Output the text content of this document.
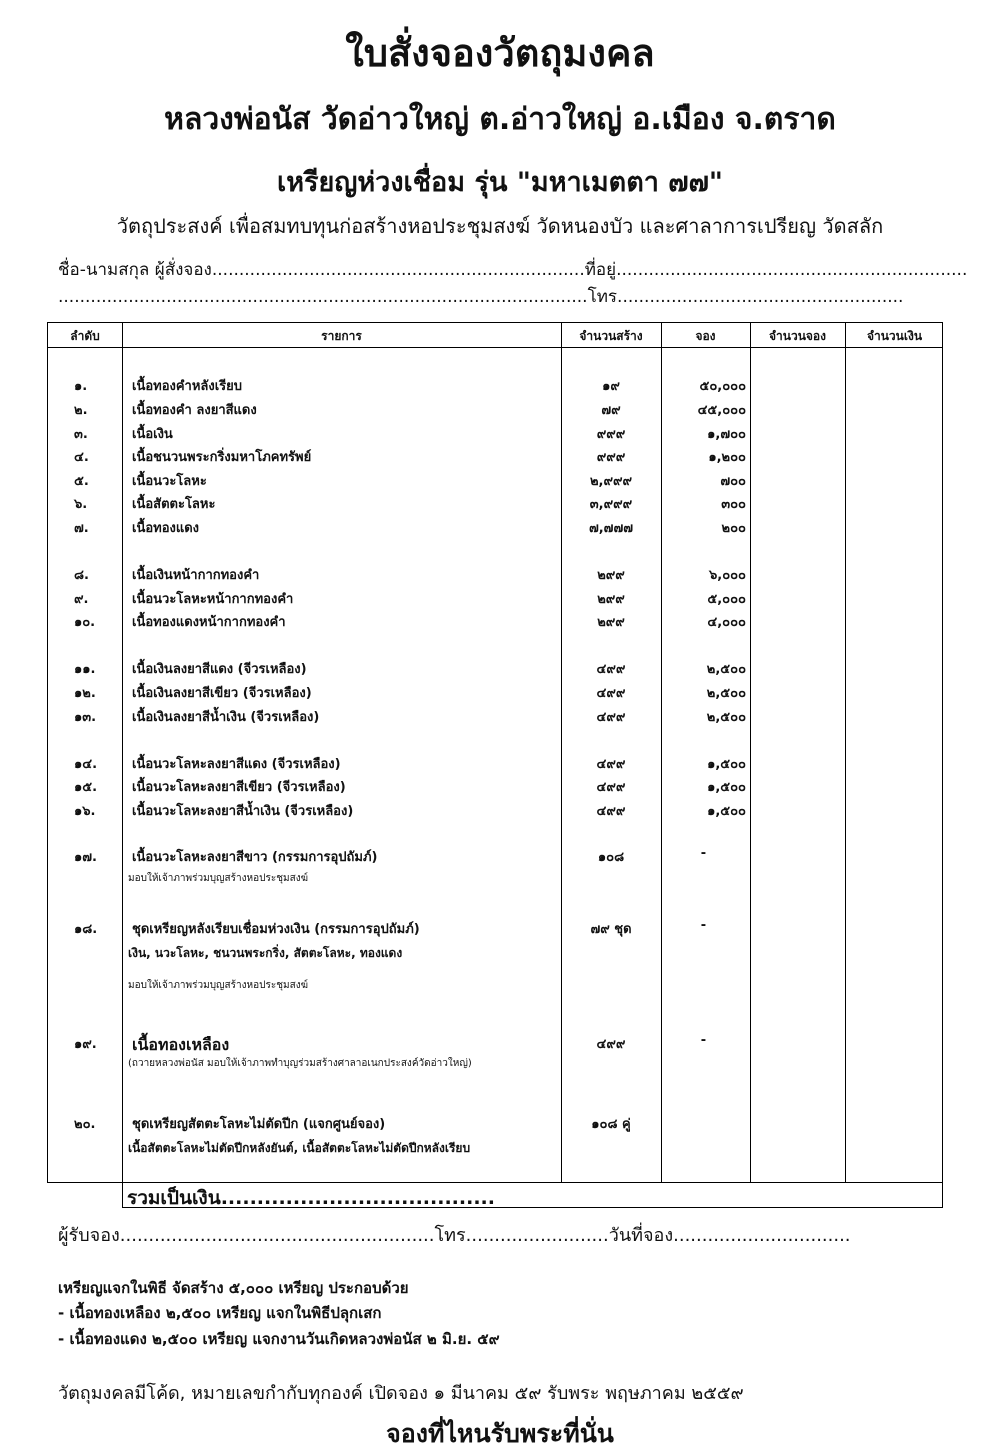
ใบสั่งจองวัตถุมงคล
หลวงพ่อนัส วัดอ่าวใหญ่ ต.อ่าวใหญ่ อ.เมือง จ.ตราด
เหรียญห่วงเชื่อม รุ่น "มหาเมตตา ๗๗"
วัตถุประสงค์ เพื่อสมทบทุนก่อสร้างหอประชุมสงฆ์ วัดหนองบัว และศาลาการเปรียญ วัดสลัก
ชื่อ-นามสกุล ผู้สั่งจอง.....................................................................ที่อยู่.................................................................
..................................................................................................โทร.....................................................
ลำดับ	รายการ	จำนวนสร้าง	จอง	จำนวนจอง	จำนวนเงิน
๑.	เนื้อทองคำหลังเรียบ	๑๙	๕๐,๐๐๐
๒.	เนื้อทองคำ ลงยาสีแดง	๗๙	๔๕,๐๐๐
๓.	เนื้อเงิน	๙๙๙	๑,๗๐๐
๔.	เนื้อชนวนพระกริ่งมหาโภคทรัพย์	๙๙๙	๑,๒๐๐
๕.	เนื้อนวะโลหะ	๒,๙๙๙	๗๐๐
๖.	เนื้อสัตตะโลหะ	๓,๙๙๙	๓๐๐
๗.	เนื้อทองแดง	๗,๗๗๗	๒๐๐
๘.	เนื้อเงินหน้ากากทองคำ	๒๙๙	๖,๐๐๐
๙.	เนื้อนวะโลหะหน้ากากทองคำ	๒๙๙	๕,๐๐๐
๑๐.	เนื้อทองแดงหน้ากากทองคำ	๒๙๙	๔,๐๐๐
๑๑.	เนื้อเงินลงยาสีแดง (จีวรเหลือง)	๔๙๙	๒,๕๐๐
๑๒.	เนื้อเงินลงยาสีเขียว (จีวรเหลือง)	๔๙๙	๒,๕๐๐
๑๓.	เนื้อเงินลงยาสีน้ำเงิน (จีวรเหลือง)	๔๙๙	๒,๕๐๐
๑๔.	เนื้อนวะโลหะลงยาสีแดง (จีวรเหลือง)	๔๙๙	๑,๕๐๐
๑๕.	เนื้อนวะโลหะลงยาสีเขียว (จีวรเหลือง)	๔๙๙	๑,๕๐๐
๑๖.	เนื้อนวะโลหะลงยาสีน้ำเงิน (จีวรเหลือง)	๔๙๙	๑,๕๐๐
๑๗.	เนื้อนวะโลหะลงยาสีขาว (กรรมการอุปถัมภ์)	๑๐๘	-
มอบให้เจ้าภาพร่วมบุญสร้างหอประชุมสงฆ์
๑๘.	ชุดเหรียญหลังเรียบเชื่อมห่วงเงิน (กรรมการอุปถัมภ์)	๗๙ ชุด	-
เงิน, นวะโลหะ, ชนวนพระกริ่ง, สัตตะโลหะ, ทองแดง
มอบให้เจ้าภาพร่วมบุญสร้างหอประชุมสงฆ์
๑๙. เนื้อทองเหลือง	๔๙๙	-
(ถวายหลวงพ่อนัส มอบให้เจ้าภาพทำบุญร่วมสร้างศาลาอเนกประสงค์วัดอ่าวใหญ่)
๒๐.	ชุดเหรียญสัตตะโลหะไม่ตัดปีก (แจกศูนย์จอง)	๑๐๘ คู่
เนื้อสัตตะโลหะไม่ตัดปีกหลังยันต์, เนื้อสัตตะโลหะไม่ตัดปีกหลังเรียบ
รวมเป็นเงิน......................................
ผู้รับจอง.......................................................โทร.........................วันที่จอง...............................
เหรียญแจกในพิธี จัดสร้าง ๕,๐๐๐ เหรียญ ประกอบด้วย
- เนื้อทองเหลือง ๒,๕๐๐ เหรียญ แจกในพิธีปลุกเสก
- เนื้อทองแดง ๒,๕๐๐ เหรียญ แจกงานวันเกิดหลวงพ่อนัส ๒ มิ.ย. ๕๙
วัตถุมงคลมีโค้ด, หมายเลขกำกับทุกองค์ เปิดจอง ๑ มีนาคม ๕๙ รับพระ พฤษภาคม ๒๕๕๙
จองที่ไหนรับพระที่นั่น
